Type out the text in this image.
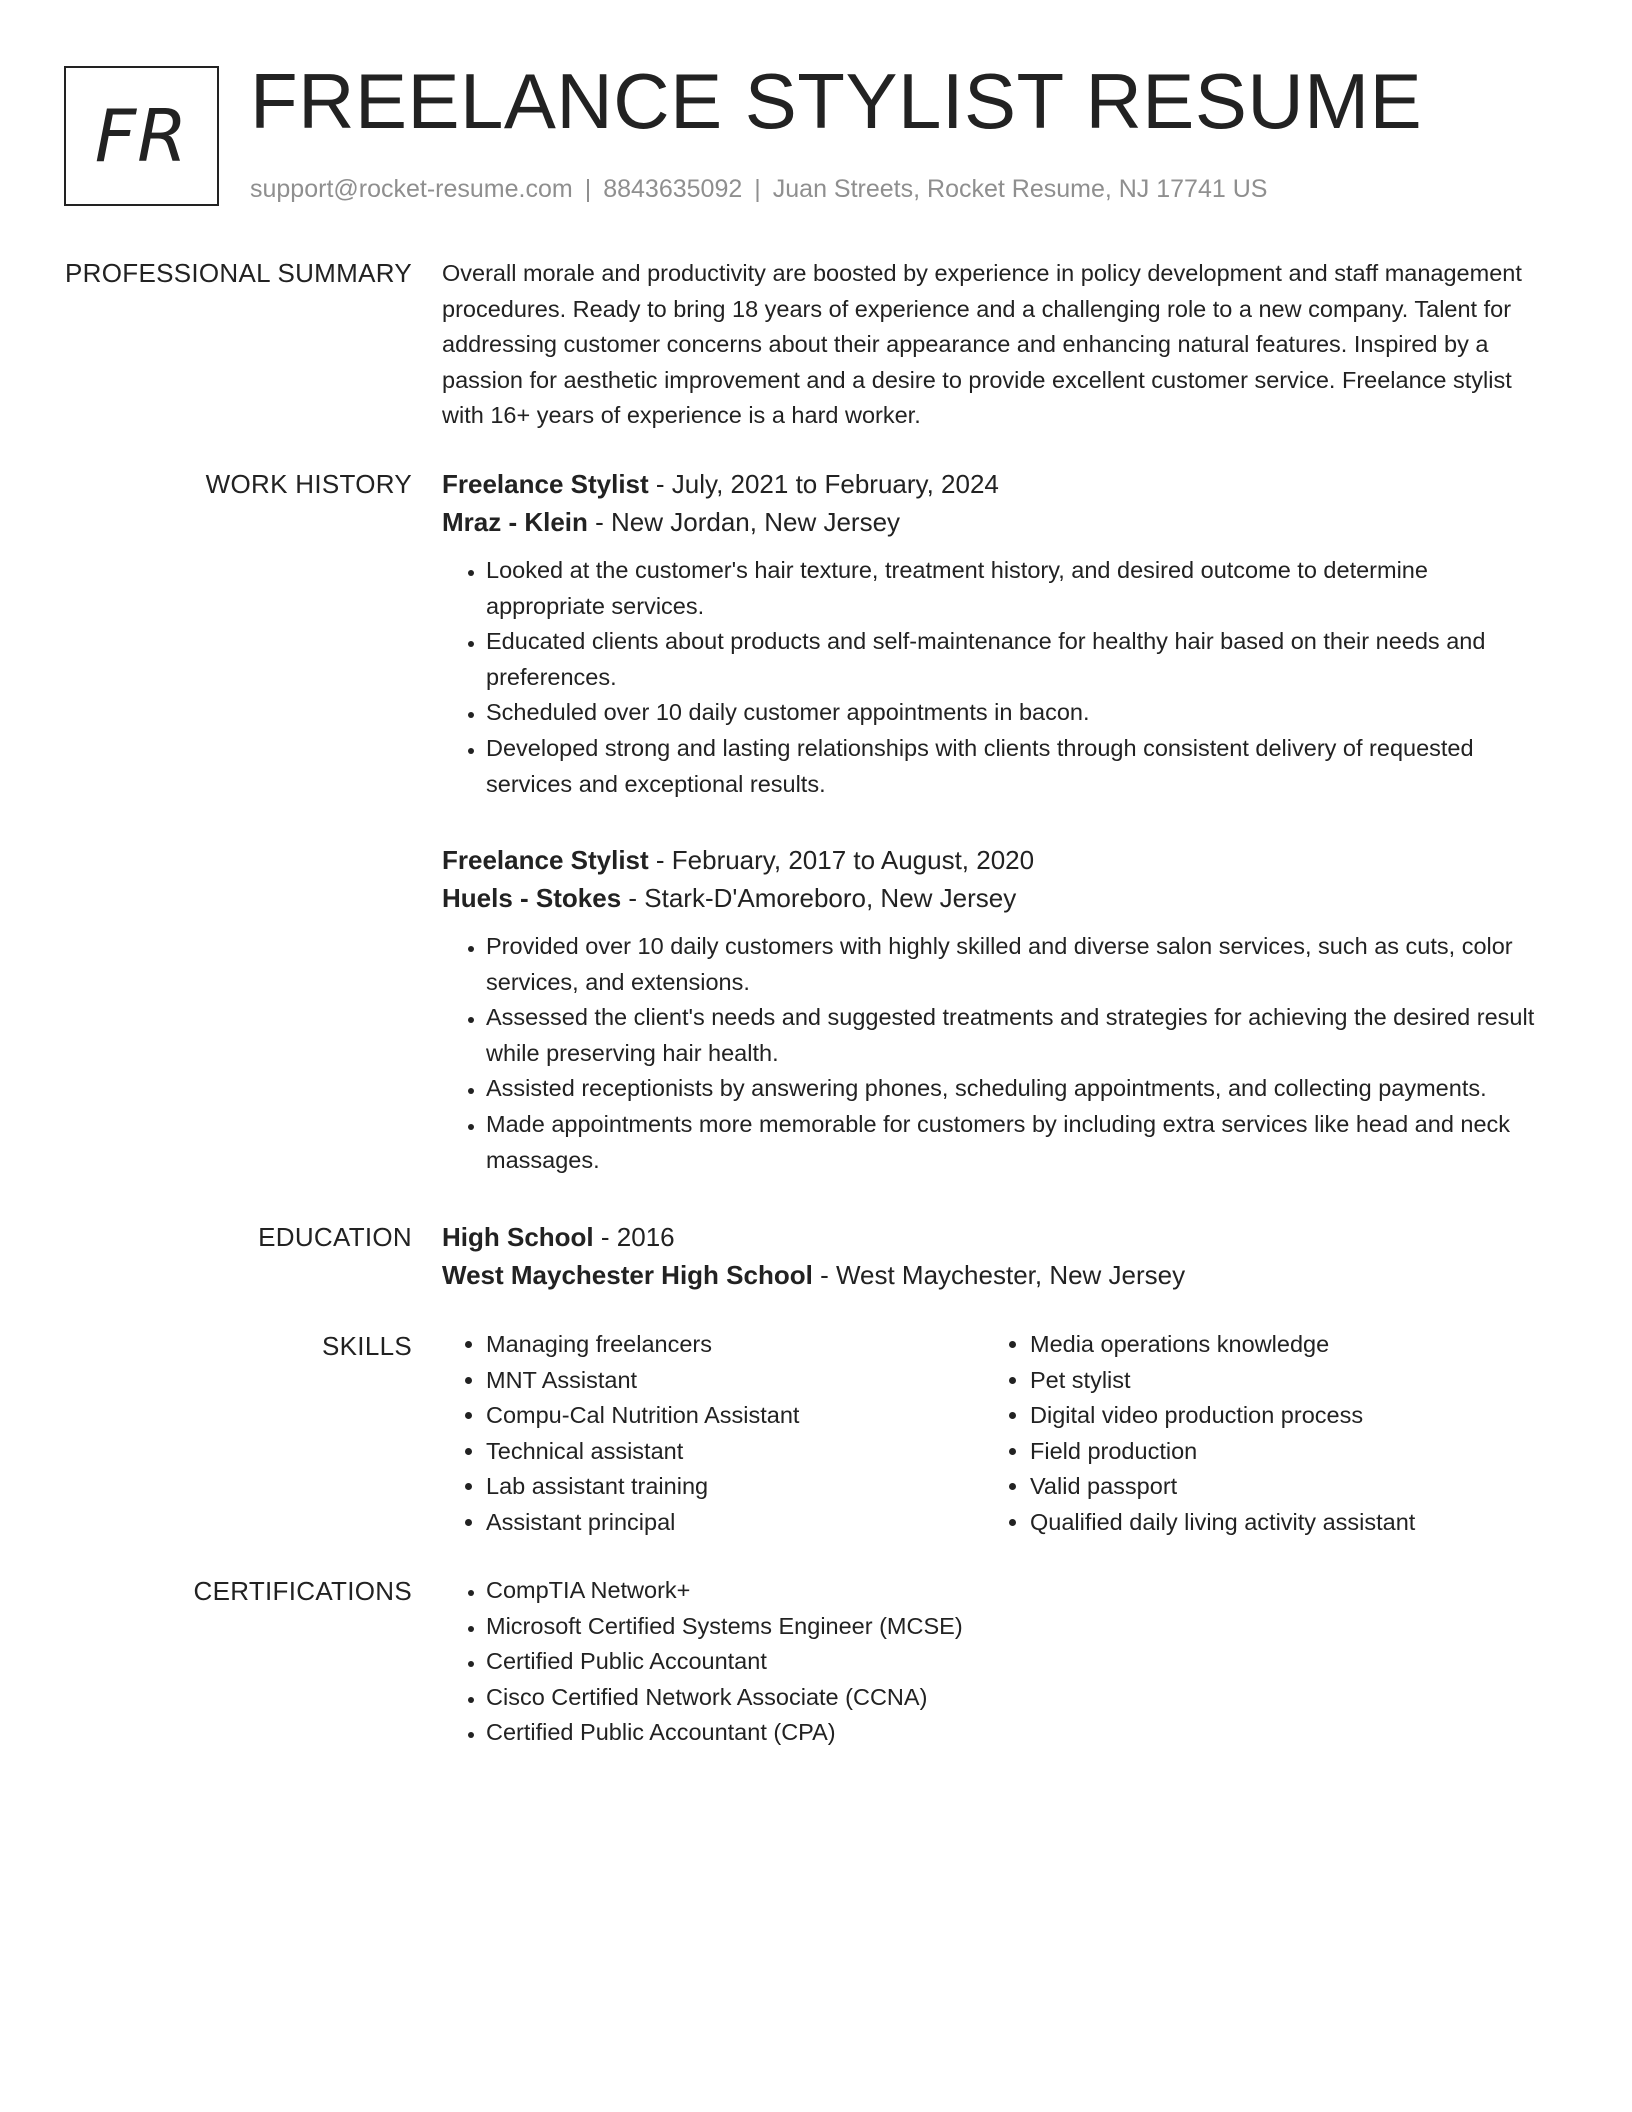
FR FREELANCE STYLIST RESUME
support@rocket-resume.com | 8843635092 | Juan Streets, Rocket Resume, NJ 17741 US
PROFESSIONAL SUMMARY Overall morale and productivity are boosted by experience in policy development and staff management procedures. Ready to bring 18 years of experience and a challenging role to a new company. Talent for addressing customer concerns about their appearance and enhancing natural features. Inspired by a passion for aesthetic improvement and a desire to provide excellent customer service. Freelance stylist with 16+ years of experience is a hard worker.

WORK HISTORY Freelance Stylist - July, 2021 to February, 2024
Mraz - Klein - New Jordan, New Jersey
• Looked at the customer's hair texture, treatment history, and desired outcome to determine appropriate services.
• Educated clients about products and self-maintenance for healthy hair based on their needs and preferences.
• Scheduled over 10 daily customer appointments in bacon.
• Developed strong and lasting relationships with clients through consistent delivery of requested services and exceptional results.
Freelance Stylist - February, 2017 to August, 2020
Huels - Stokes - Stark-D'Amoreboro, New Jersey
• Provided over 10 daily customers with highly skilled and diverse salon services, such as cuts, color services, and extensions.
• Assessed the client's needs and suggested treatments and strategies for achieving the desired result while preserving hair health.
• Assisted receptionists by answering phones, scheduling appointments, and collecting payments.
• Made appointments more memorable for customers by including extra services like head and neck massages.
EDUCATION High School - 2016
West Maychester High School - West Maychester, New Jersey
SKILLS	• Managing freelancers
• MNT Assistant
• Compu-Cal Nutrition Assistant
• Technical assistant
• Lab assistant training
• Assistant principal
• Media operations knowledge
• Pet stylist
• Digital video production process
• Field production
• Valid passport
• Qualified daily living activity assistant
CERTIFICATIONS	• CompTIA Network+
• Microsoft Certified Systems Engineer (MCSE)
• Certified Public Accountant
• Cisco Certified Network Associate (CCNA)
• Certified Public Accountant (CPA)
